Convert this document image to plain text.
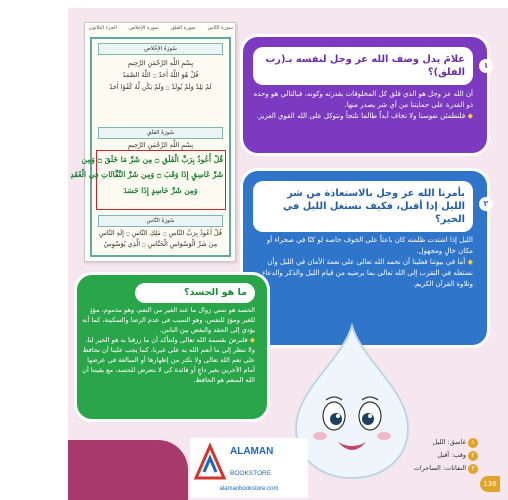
سورة النّاس
سورة الفلق
سورة الإخلاص
الجزء الثلاثون
سُورَةُ الإخْلاصِ
بِسْمِ اللَّهِ الرَّحْمَنِ الرَّحِيمِ
قُلْ هُوَ اللَّهُ أَحَدٌ ۝ اللَّهُ الصَّمَدُ
لَمْ يَلِدْ وَلَمْ يُولَدْ ۝ وَلَمْ يَكُن لَّهُ كُفُوًا أَحَدٌ
سُورَةُ الفَلَقِ
بِسْمِ اللَّهِ الرَّحْمَنِ الرَّحِيمِ
قُلْ أَعُوذُ بِرَبِّ الْفَلَقِ ۝ مِن شَرِّ مَا خَلَقَ ۝ وَمِن
شَرِّ غَاسِقٍ إِذَا وَقَبَ ۝ وَمِن شَرِّ النَّفَّاثَاتِ فِي الْعُقَدِ
وَمِن شَرِّ حَاسِدٍ إِذَا حَسَدَ
سُورَةُ النَّاسِ
قُلْ أَعُوذُ بِرَبِّ النَّاسِ ۝ مَلِكِ النَّاسِ ۝ إِلَهِ النَّاسِ
مِن شَرِّ الْوَسْوَاسِ الْخَنَّاسِ ۝ الَّذِي يُوَسْوِسُ
١
علامَ يدل وصف الله عز وجل لنفسه بـ(رب الفلق)؟

أن الله عز وجل هو الذي فلق كل المخلوقات بقدرته وكونه، فبالتالي هو وحده ذو القدرة على حمايتنا من أي شر يصدر منها.

◆ فلتطمئن نفوسنا ولا تخاف أبداً طالما نلتجأ ونتوكل على الله القوي العزيز.

٢
بأمرنا الله عز وجل بالاستعاذة من شر الليل إذا أقبل، فكيف نستغل الليل في الخير؟

الليل إذا اشتدت ظلمته كان باعثاً على الخوف خاصة لو كنّا في صحراء أو مكان خالٍ ومجهول.

◆ أما في بيوتنا فعلينا أن نحمد الله تعالى على نعمة الأمان في الليل وأن نستغله في التقرب إلى الله تعالى بما يرضيه من قيام الليل والذكر والدعاء وتلاوة القرآن الكريم.

ما هو الحسد؟

الحسد هو تمني زوال ما عند الغير من النعم، وهو مذموم، مؤذٍ للغير ومؤذٍ للنفس، وهو السبب في عدم الرضا والسكينة، كما أنه يؤدي إلى الحقد والبغض بين الناس.

◆ فلنرضَ بقسمة الله تعالى ولنتأكد أن ما رزقنا به هو الخير لنا، ولا ننظر إلى ما أنعم الله به على غيرنا، كما يجب علينا أن نحافظ على نعم الله تعالى ولا نكثر من إظهارها أو المبالغة في عرضها أمام الآخرين بغير داعٍ أو فائدة كي لا نتعرض للحسد، مع يقيننا أن الله المنعم هو الحافظ.

ALAMAN
BOOKSTORE
alamanbookstore.com
١غاسق: الليل
٢وقب: أقبل
٣النفاثات: الساحرات
136
